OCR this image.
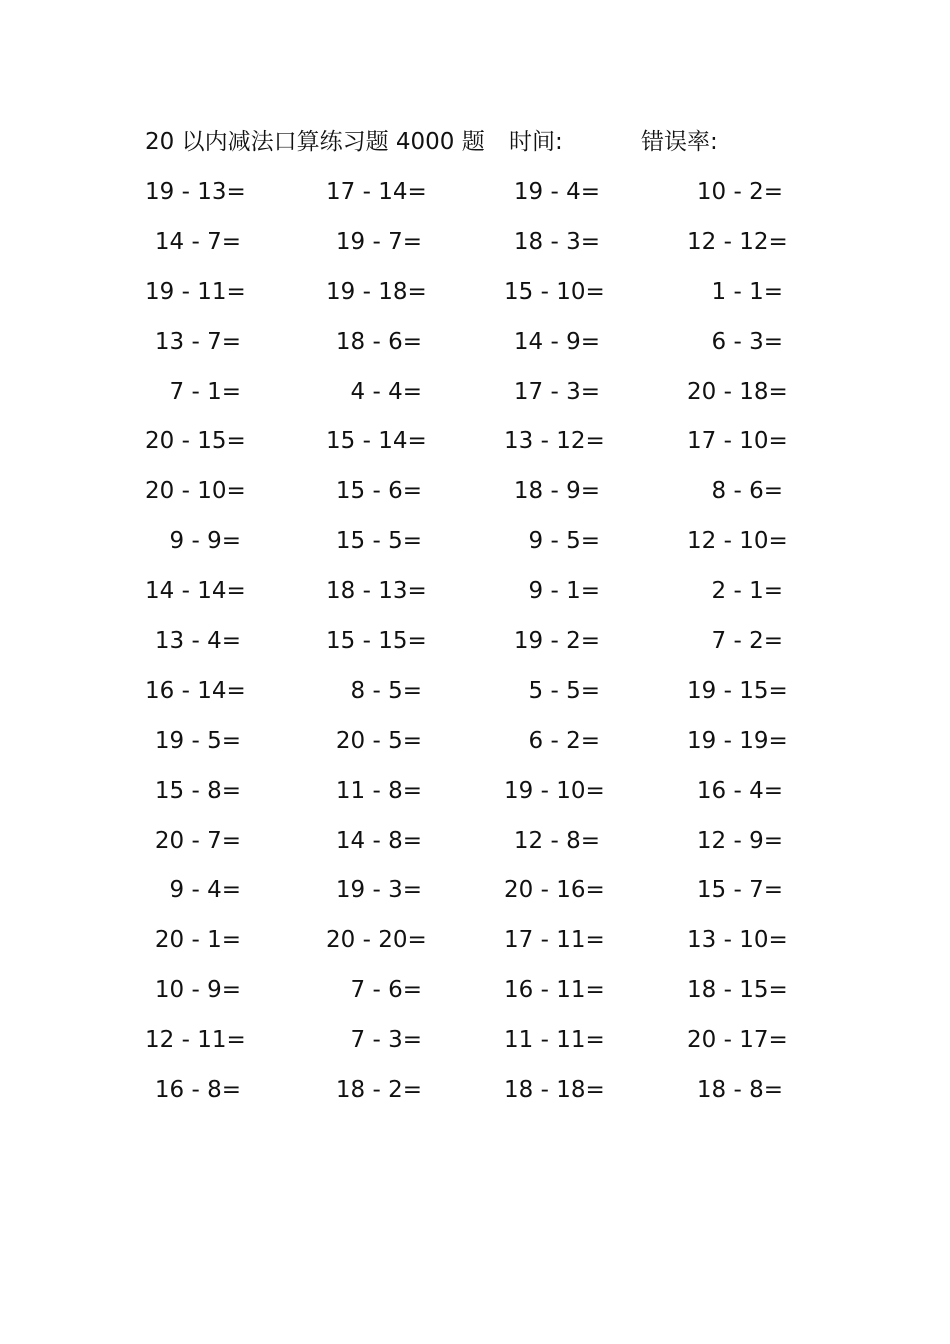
20 以内减法口算练习题 4000 题 时间:	错误率:
19 - 13=	17 - 14=	19 - 4=	10 - 2=
14 - 7=	19 - 7=	18 - 3=	12 - 12=
19 - 11=	19 - 18=	15 - 10=	1 - 1=
13 - 7=	18 - 6=	14 - 9=	6 - 3=
7 - 1=	4 - 4=	17 - 3=	20 - 18=
20 - 15=	15 - 14=	13 - 12=	17 - 10=
20 - 10=	15 - 6=	18 - 9=	8 - 6=
9 - 9=	15 - 5=	9 - 5=	12 - 10=
14 - 14=	18 - 13=	9 - 1=	2 - 1=
13 - 4=	15 - 15=	19 - 2=	7 - 2=
16 - 14=	8 - 5=	5 - 5=	19 - 15=
19 - 5=	20 - 5=	6 - 2=	19 - 19=
15 - 8=	11 - 8=	19 - 10=	16 - 4=
20 - 7=	14 - 8=	12 - 8=	12 - 9=
9 - 4=	19 - 3=	20 - 16=	15 - 7=
20 - 1=	20 - 20=	17 - 11=	13 - 10=
10 - 9=	7 - 6=	16 - 11=	18 - 15=
12 - 11=	7 - 3=	11 - 11=	20 - 17=
16 - 8=	18 - 2=	18 - 18=	18 - 8=
